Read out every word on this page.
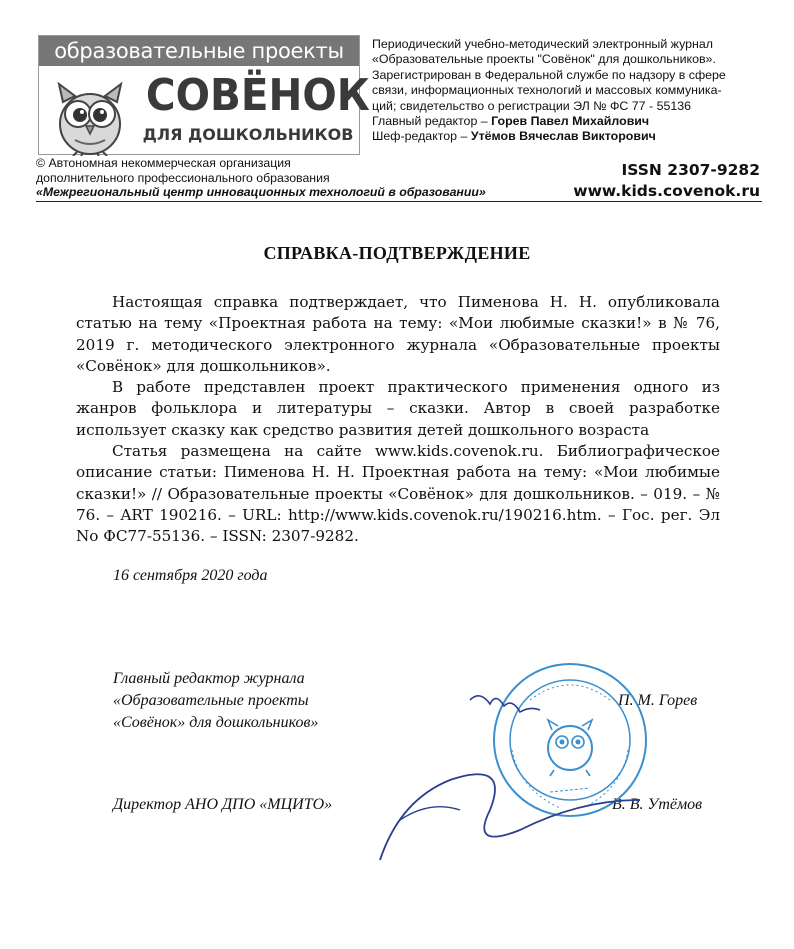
образовательные проекты
СОВЁНОК
ДЛЯ ДОШКОЛЬНИКОВ
Периодический учебно-методический электронный журнал
«Образовательные проекты "Совёнок" для дошкольников».
Зарегистрирован в Федеральной службе по надзору в сфере
связи, информационных технологий и массовых коммуника-
ций; свидетельство о регистрации ЭЛ № ФС 77 - 55136
Главный редактор – Горев Павел Михайлович
Шеф-редактор – Утёмов Вячеслав Викторович
© Автономная некоммерческая организация
дополнительного профессионального образования
«Межрегиональный центр инновационных технологий в образовании»
ISSN 2307-9282
www.kids.covenok.ru
СПРАВКА-ПОДТВЕРЖДЕНИЕ

Настоящая справка подтверждает, что Пименова Н. Н. опубликовала статью на тему «Проектная работа на тему: «Мои любимые сказки!» в № 76, 2019 г. методического электронного журнала «Образовательные проекты «Совёнок» для дошкольников».

В работе представлен проект практического применения одного из жанров фольклора и литературы – сказки. Автор в своей разработке использует сказку как средство развития детей дошкольного возраста

Статья размещена на сайте www.kids.covenok.ru. Библиографическое описание статьи: Пименова Н. Н. Проектная работа на тему: «Мои любимые сказки!» // Образовательные проекты «Совёнок» для дошкольников. – 019. – № 76. – ART 190216. – URL: http://www.kids.covenok.ru/190216.htm. – Гос. рег. Эл No ФС77-55136. – ISSN: 2307-9282.

16 сентября 2020 года
Главный редактор журнала
«Образовательные проекты
«Совёнок» для дошкольников»
П. М. Горев
Директор АНО ДПО «МЦИТО»	В. В. Утёмов
